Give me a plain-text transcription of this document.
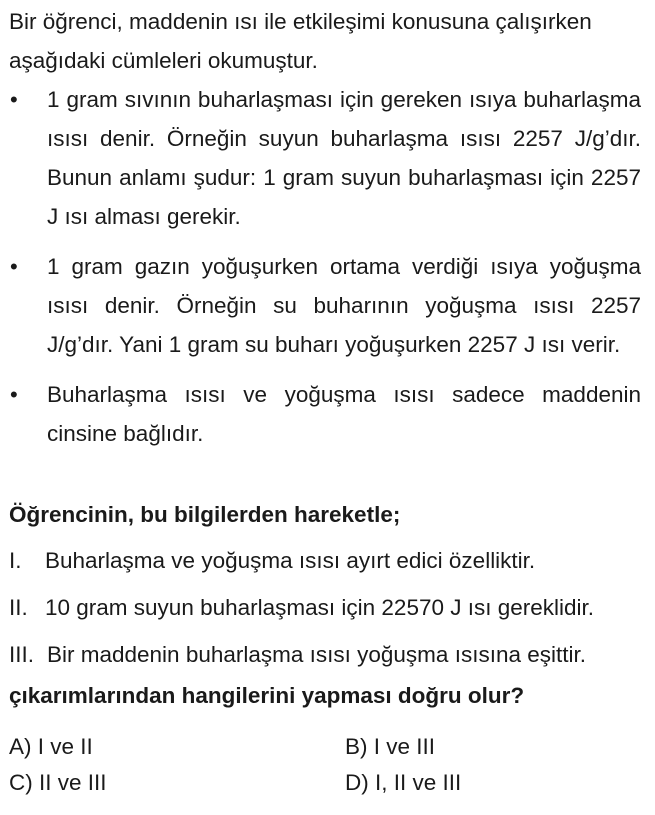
Bir öğrenci, maddenin ısı ile etkileşimi konusuna çalışırken aşağıdaki cümleleri okumuştur.

• 1 gram sıvının buharlaşması için gereken ısıya buharlaşma ısısı denir. Örneğin suyun buharlaşma ısısı 2257 J/g’dır. Bunun anlamı şudur: 1 gram suyun buharlaşması için 2257 J ısı alması gerekir.
• 1 gram gazın yoğuşurken ortama verdiği ısıya yoğuşma ısısı denir. Örneğin su buharının yoğuşma ısısı 2257 J/g’dır. Yani 1 gram su buharı yoğuşurken 2257 J ısı verir.
• Buharlaşma ısısı ve yoğuşma ısısı sadece maddenin cinsine bağlıdır.

Öğrencinin, bu bilgilerden hareketle;

I.	Buharlaşma ve yoğuşma ısısı ayırt edici özelliktir.
II. 10 gram suyun buharlaşması için 22570 J ısı gereklidir.
III. Bir maddenin buharlaşma ısısı yoğuşma ısısına eşittir.

çıkarımlarından hangilerini yapması doğru olur?

A) I ve II	B) I ve III
C) II ve III	D) I, II ve III
